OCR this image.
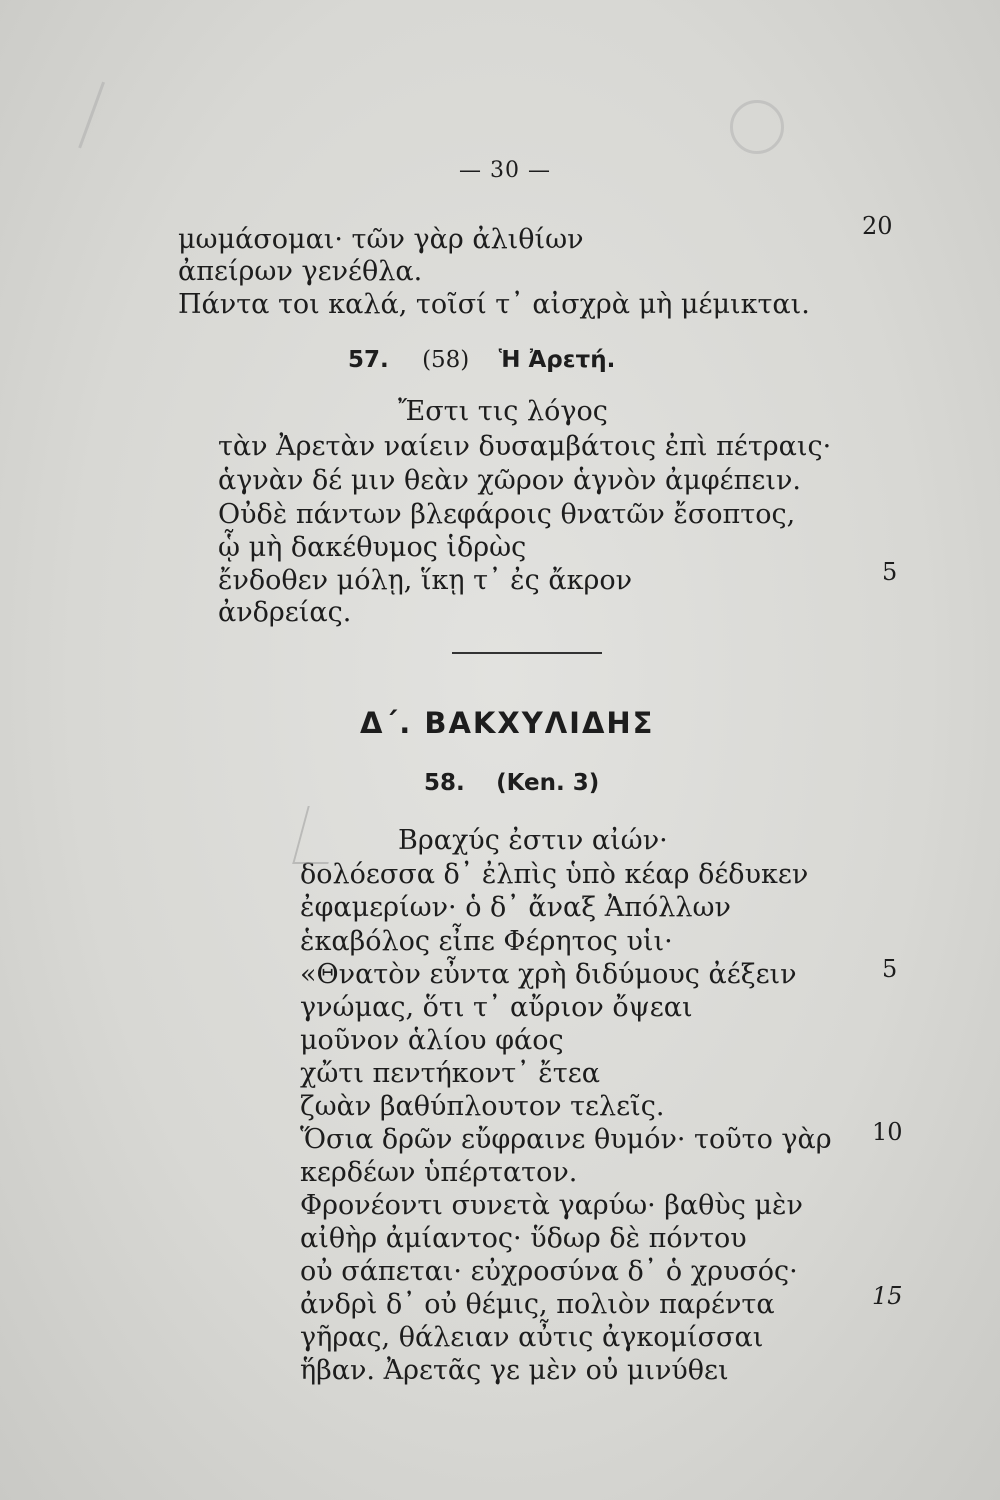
— 30 —
μωμάσομαι· τῶν γὰρ ἀλιθίων	20
ἀπείρων γενέθλα.
Πάντα τοι καλά, τοῖσί τ᾽ αἰσχρὰ μὴ μέμικται.
57. (58) Ἡ Ἀρετή.
Ἔστι τις λόγος
τὰν Ἀρετὰν ναίειν δυσαμβάτοις ἐπὶ πέτραις·
ἁγνὰν δέ μιν θεὰν χῶρον ἁγνὸν ἀμφέπειν.
Οὐδὲ πάντων βλεφάροις θνατῶν ἔσοπτος,
ᾧ μὴ δακέθυμος ἱδρὼς
ἔνδοθεν μόλῃ, ἵκῃ τ᾽ ἐς ἄκρον	5
ἀνδρείας.
Δ΄. ΒΑΚΧΥΛΙΔΗΣ
58. (Ken. 3)
Βραχύς ἐστιν αἰών·
δολόεσσα δ᾽ ἐλπὶς ὑπὸ κέαρ δέδυκεν
ἐφαμερίων· ὁ δ᾽ ἄναξ Ἀπόλλων
ἑκαβόλος εἶπε Φέρητος υἱι·
«Θνατὸν εὖντα χρὴ διδύμους ἀέξειν	5
γνώμας, ὅτι τ᾽ αὔριον ὄψεαι
μοῦνον ἁλίου φάος
χὤτι πεντήκοντ᾽ ἔτεα
ζωὰν βαθύπλουτον τελεῖς.
Ὅσια δρῶν εὔφραινε θυμόν· τοῦτο γὰρ 10
κερδέων ὑπέρτατον.
Φρονέοντι συνετὰ γαρύω· βαθὺς μὲν
αἰθὴρ ἀμίαντος· ὕδωρ δὲ πόντου
οὐ σάπεται· εὐχροσύνα δ᾽ ὁ χρυσός·
ἀνδρὶ δ᾽ οὐ θέμις, πολιὸν παρέντα	15
γῆρας, θάλειαν αὖτις ἀγκομίσσαι
ἥβαν. Ἀρετᾶς γε μὲν οὐ μινύθει
